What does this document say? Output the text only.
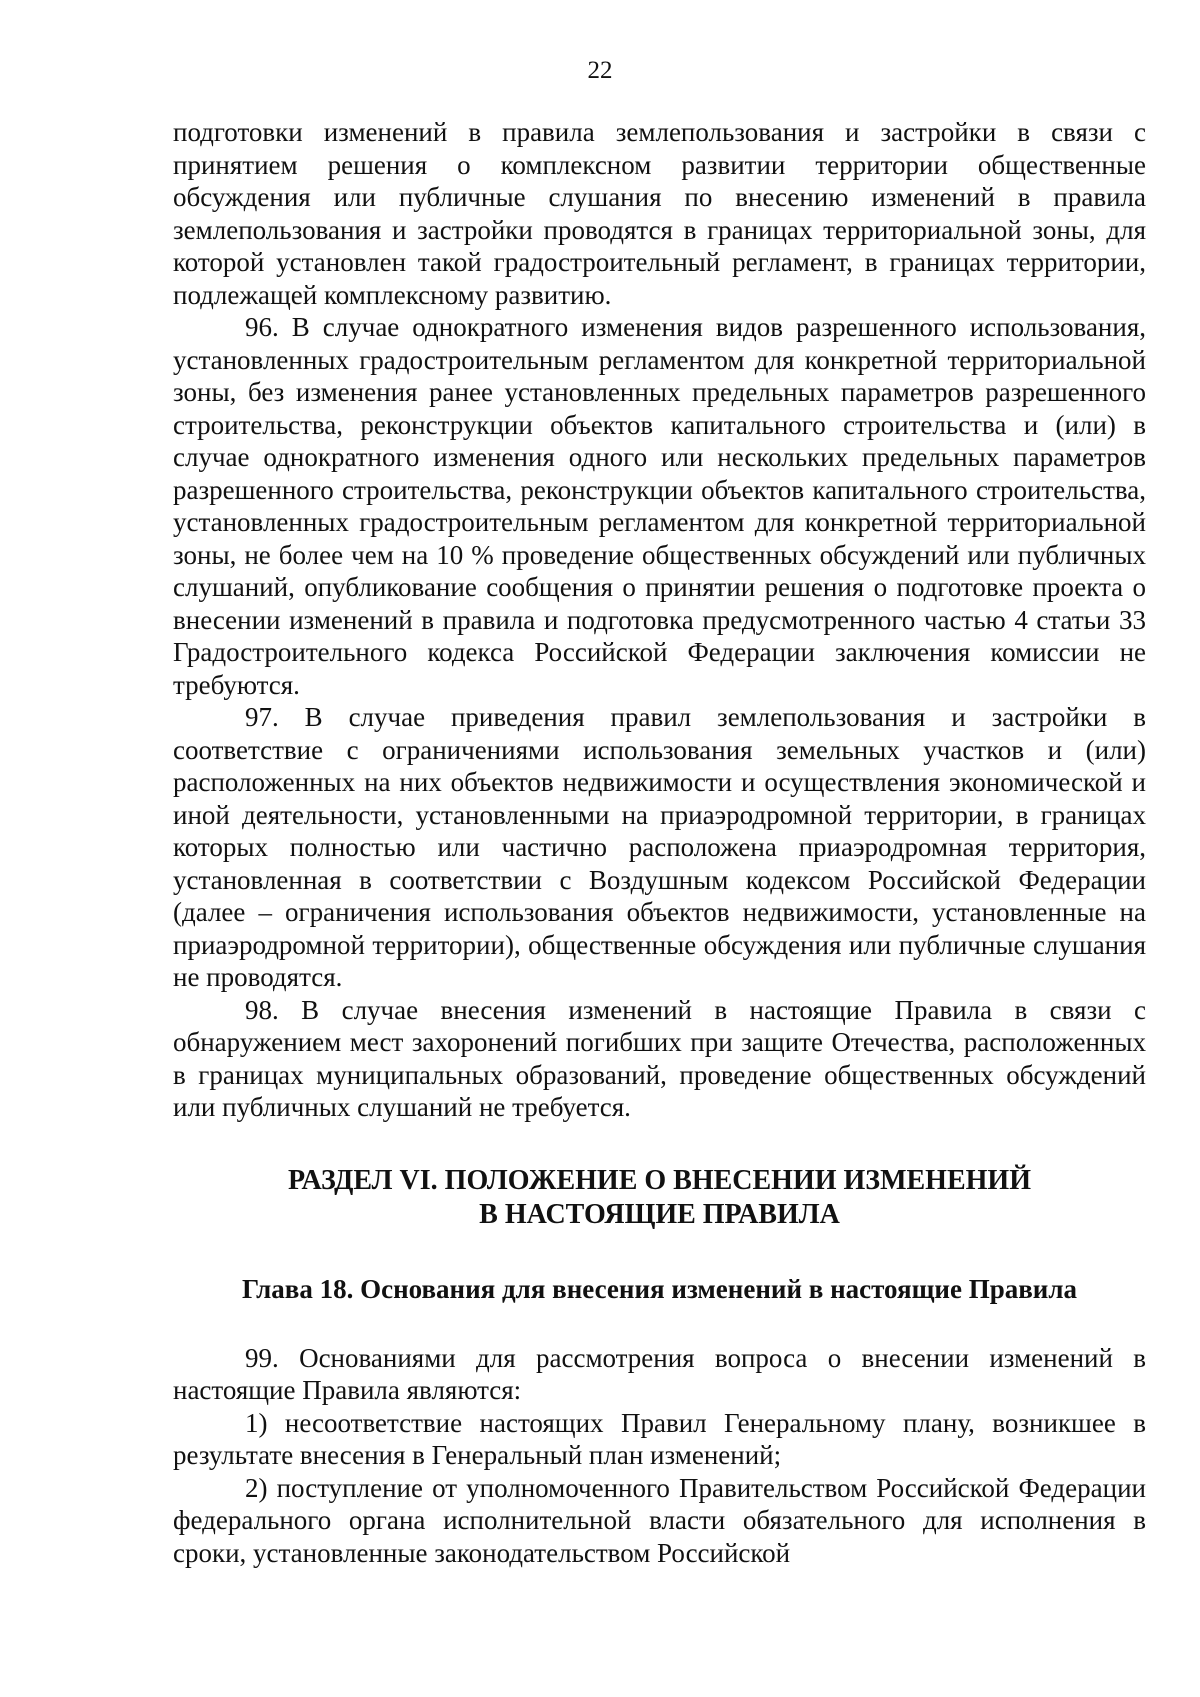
22

подготовки изменений в правила землепользования и застройки в связи с принятием решения о комплексном развитии территории общественные обсуждения или публичные слушания по внесению изменений в правила землепользования и застройки проводятся в границах территориальной зоны, для которой установлен такой градостроительный регламент, в границах территории, подлежащей комплексному развитию.

96. В случае однократного изменения видов разрешенного использования, установленных градостроительным регламентом для конкретной территориальной зоны, без изменения ранее установленных предельных параметров разрешенного строительства, реконструкции объектов капитального строительства и (или) в случае однократного изменения одного или нескольких предельных параметров разрешенного строительства, реконструкции объектов капитального строительства, установленных градостроительным регламентом для конкретной территориальной зоны, не более чем на 10 % проведение общественных обсуждений или публичных слушаний, опубликование сообщения о принятии решения о подготовке проекта о внесении изменений в правила и подготовка предусмотренного частью 4 статьи 33 Градостроительного кодекса Российской Федерации заключения комиссии не требуются.

97. В случае приведения правил землепользования и застройки в соответствие с ограничениями использования земельных участков и (или) расположенных на них объектов недвижимости и осуществления экономической и иной деятельности, установленными на приаэродромной территории, в границах которых полностью или частично расположена приаэродромная территория, установленная в соответствии с Воздушным кодексом Российской Федерации (далее – ограничения использования объектов недвижимости, установленные на приаэродромной территории), общественные обсуждения или публичные слушания не проводятся.

98. В случае внесения изменений в настоящие Правила в связи с обнаружением мест захоронений погибших при защите Отечества, расположенных в границах муниципальных образований, проведение общественных обсуждений или публичных слушаний не требуется.

РАЗДЕЛ VI. ПОЛОЖЕНИЕ О ВНЕСЕНИИ ИЗМЕНЕНИЙ
В НАСТОЯЩИЕ ПРАВИЛА
Глава 18. Основания для внесения изменений в настоящие Правила

99. Основаниями для рассмотрения вопроса о внесении изменений в настоящие Правила являются:

1) несоответствие настоящих Правил Генеральному плану, возникшее в результате внесения в Генеральный план изменений;

2) поступление от уполномоченного Правительством Российской Федерации федерального органа исполнительной власти обязательного для исполнения в сроки, установленные законодательством Российской
